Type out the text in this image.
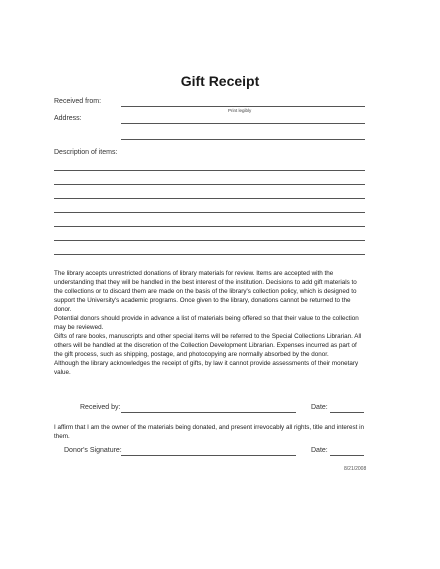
Gift Receipt
Received from:
Print legibly
Address:
Description of items:

The library accepts unrestricted donations of library materials for review. Items are accepted with the understanding that they will be handled in the best interest of the institution. Decisions to add gift materials to the collections or to discard them are made on the basis of the library's collection policy, which is designed to support the University's academic programs. Once given to the library, donations cannot be returned to the donor.

Potential donors should provide in advance a list of materials being offered so that their value to the collection may be reviewed.

Gifts of rare books, manuscripts and other special items will be referred to the Special Collections Librarian. All others will be handled at the discretion of the Collection Development Librarian. Expenses incurred as part of the gift process, such as shipping, postage, and photocopying are normally absorbed by the donor.

Although the library acknowledges the receipt of gifts, by law it cannot provide assessments of their monetary value.

Received by:	Date:
I affirm that I am the owner of the materials being donated, and present irrevocably all rights, title and interest in them.
Donor's Signature:	Date:
8/21/2008
